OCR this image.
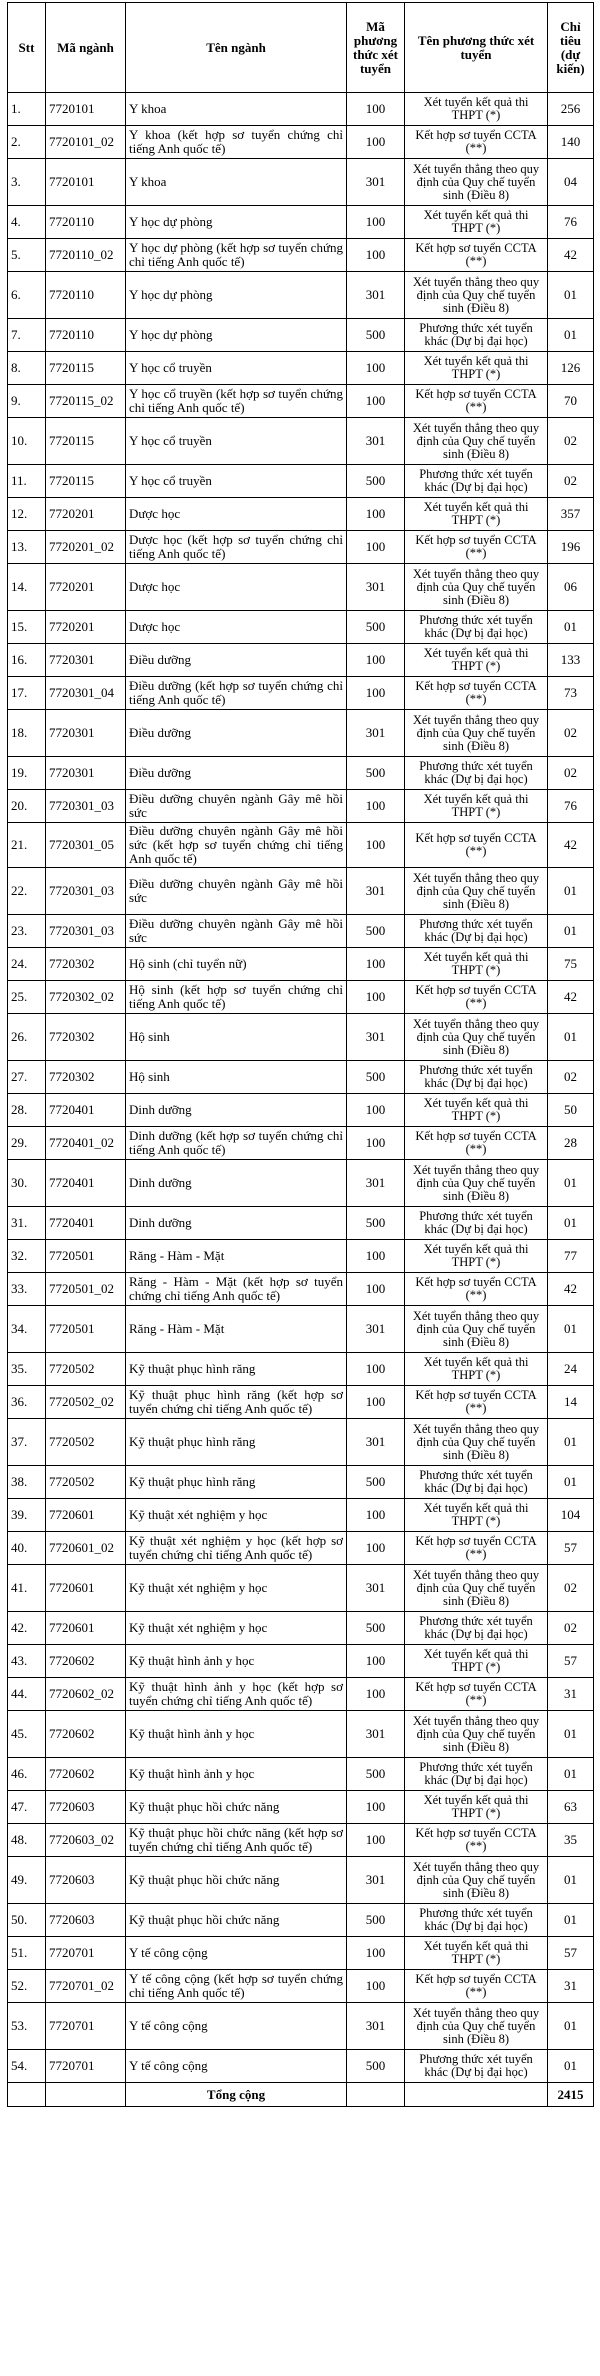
Stt	Mã ngành	Tên ngành	Mã phương thức xét tuyển	Tên phương thức xét tuyển	Chỉ tiêu (dự kiến)
1.	7720101	Y khoa	100	Xét tuyển kết quả thi THPT (*)	256
2.	7720101_02	Y khoa (kết hợp sơ tuyển chứng chỉ tiếng Anh quốc tế)	100	Kết hợp sơ tuyển CCTA (**)	140
3.	7720101	Y khoa	301	Xét tuyển thẳng theo quy định của Quy chế tuyển sinh (Điều 8)	04
4.	7720110	Y học dự phòng	100	Xét tuyển kết quả thi THPT (*)	76
5.	7720110_02	Y học dự phòng (kết hợp sơ tuyển chứng chỉ tiếng Anh quốc tế)	100	Kết hợp sơ tuyển CCTA (**)	42
6.	7720110	Y học dự phòng	301	Xét tuyển thẳng theo quy định của Quy chế tuyển sinh (Điều 8)	01
7.	7720110	Y học dự phòng	500	Phương thức xét tuyển khác (Dự bị đại học)	01
8.	7720115	Y học cổ truyền	100	Xét tuyển kết quả thi THPT (*)	126
9.	7720115_02	Y học cổ truyền (kết hợp sơ tuyển chứng chỉ tiếng Anh quốc tế)	100	Kết hợp sơ tuyển CCTA (**)	70
10.	7720115	Y học cổ truyền	301	Xét tuyển thẳng theo quy định của Quy chế tuyển sinh (Điều 8)	02
11.	7720115	Y học cổ truyền	500	Phương thức xét tuyển khác (Dự bị đại học)	02
12.	7720201	Dược học	100	Xét tuyển kết quả thi THPT (*)	357
13.	7720201_02	Dược học (kết hợp sơ tuyển chứng chỉ tiếng Anh quốc tế)	100	Kết hợp sơ tuyển CCTA (**)	196
14.	7720201	Dược học	301	Xét tuyển thẳng theo quy định của Quy chế tuyển sinh (Điều 8)	06
15.	7720201	Dược học	500	Phương thức xét tuyển khác (Dự bị đại học)	01
16.	7720301	Điều dưỡng	100	Xét tuyển kết quả thi THPT (*)	133
17.	7720301_04	Điều dưỡng (kết hợp sơ tuyển chứng chỉ tiếng Anh quốc tế)	100	Kết hợp sơ tuyển CCTA (**)	73
18.	7720301	Điều dưỡng	301	Xét tuyển thẳng theo quy định của Quy chế tuyển sinh (Điều 8)	02
19.	7720301	Điều dưỡng	500	Phương thức xét tuyển khác (Dự bị đại học)	02
20.	7720301_03	Điều dưỡng chuyên ngành Gây mê hồi sức	100	Xét tuyển kết quả thi THPT (*)	76
21.	7720301_05	Điều dưỡng chuyên ngành Gây mê hồi sức (kết hợp sơ tuyển chứng chỉ tiếng Anh quốc tế)	100	Kết hợp sơ tuyển CCTA (**)	42
22.	7720301_03	Điều dưỡng chuyên ngành Gây mê hồi sức	301	Xét tuyển thẳng theo quy định của Quy chế tuyển sinh (Điều 8)	01
23.	7720301_03	Điều dưỡng chuyên ngành Gây mê hồi sức	500	Phương thức xét tuyển khác (Dự bị đại học)	01
24.	7720302	Hộ sinh (chỉ tuyển nữ)	100	Xét tuyển kết quả thi THPT (*)	75
25.	7720302_02	Hộ sinh (kết hợp sơ tuyển chứng chỉ tiếng Anh quốc tế)	100	Kết hợp sơ tuyển CCTA (**)	42
26.	7720302	Hộ sinh	301	Xét tuyển thẳng theo quy định của Quy chế tuyển sinh (Điều 8)	01
27.	7720302	Hộ sinh	500	Phương thức xét tuyển khác (Dự bị đại học)	02
28.	7720401	Dinh dưỡng	100	Xét tuyển kết quả thi THPT (*)	50
29.	7720401_02	Dinh dưỡng (kết hợp sơ tuyển chứng chỉ tiếng Anh quốc tế)	100	Kết hợp sơ tuyển CCTA (**)	28
30.	7720401	Dinh dưỡng	301	Xét tuyển thẳng theo quy định của Quy chế tuyển sinh (Điều 8)	01
31.	7720401	Dinh dưỡng	500	Phương thức xét tuyển khác (Dự bị đại học)	01
32.	7720501	Răng - Hàm - Mặt	100	Xét tuyển kết quả thi THPT (*)	77
33.	7720501_02	Răng - Hàm - Mặt (kết hợp sơ tuyển chứng chỉ tiếng Anh quốc tế)	100	Kết hợp sơ tuyển CCTA (**)	42
34.	7720501	Răng - Hàm - Mặt	301	Xét tuyển thẳng theo quy định của Quy chế tuyển sinh (Điều 8)	01
35.	7720502	Kỹ thuật phục hình răng	100	Xét tuyển kết quả thi THPT (*)	24
36.	7720502_02	Kỹ thuật phục hình răng (kết hợp sơ tuyển chứng chỉ tiếng Anh quốc tế)	100	Kết hợp sơ tuyển CCTA (**)	14
37.	7720502	Kỹ thuật phục hình răng	301	Xét tuyển thẳng theo quy định của Quy chế tuyển sinh (Điều 8)	01
38.	7720502	Kỹ thuật phục hình răng	500	Phương thức xét tuyển khác (Dự bị đại học)	01
39.	7720601	Kỹ thuật xét nghiệm y học	100	Xét tuyển kết quả thi THPT (*)	104
40.	7720601_02	Kỹ thuật xét nghiệm y học (kết hợp sơ tuyển chứng chỉ tiếng Anh quốc tế)	100	Kết hợp sơ tuyển CCTA (**)	57
41.	7720601	Kỹ thuật xét nghiệm y học	301	Xét tuyển thẳng theo quy định của Quy chế tuyển sinh (Điều 8)	02
42.	7720601	Kỹ thuật xét nghiệm y học	500	Phương thức xét tuyển khác (Dự bị đại học)	02
43.	7720602	Kỹ thuật hình ảnh y học	100	Xét tuyển kết quả thi THPT (*)	57
44.	7720602_02	Kỹ thuật hình ảnh y học (kết hợp sơ tuyển chứng chỉ tiếng Anh quốc tế)	100	Kết hợp sơ tuyển CCTA (**)	31
45.	7720602	Kỹ thuật hình ảnh y học	301	Xét tuyển thẳng theo quy định của Quy chế tuyển sinh (Điều 8)	01
46.	7720602	Kỹ thuật hình ảnh y học	500	Phương thức xét tuyển khác (Dự bị đại học)	01
47.	7720603	Kỹ thuật phục hồi chức năng	100	Xét tuyển kết quả thi THPT (*)	63
48.	7720603_02	Kỹ thuật phục hồi chức năng (kết hợp sơ tuyển chứng chỉ tiếng Anh quốc tế)	100	Kết hợp sơ tuyển CCTA (**)	35
49.	7720603	Kỹ thuật phục hồi chức năng	301	Xét tuyển thẳng theo quy định của Quy chế tuyển sinh (Điều 8)	01
50.	7720603	Kỹ thuật phục hồi chức năng	500	Phương thức xét tuyển khác (Dự bị đại học)	01
51.	7720701	Y tế công cộng	100	Xét tuyển kết quả thi THPT (*)	57
52.	7720701_02	Y tế công cộng (kết hợp sơ tuyển chứng chỉ tiếng Anh quốc tế)	100	Kết hợp sơ tuyển CCTA (**)	31
53.	7720701	Y tế công cộng	301	Xét tuyển thẳng theo quy định của Quy chế tuyển sinh (Điều 8)	01
54.	7720701	Y tế công cộng	500	Phương thức xét tuyển khác (Dự bị đại học)	01
		Tổng cộng			2415
